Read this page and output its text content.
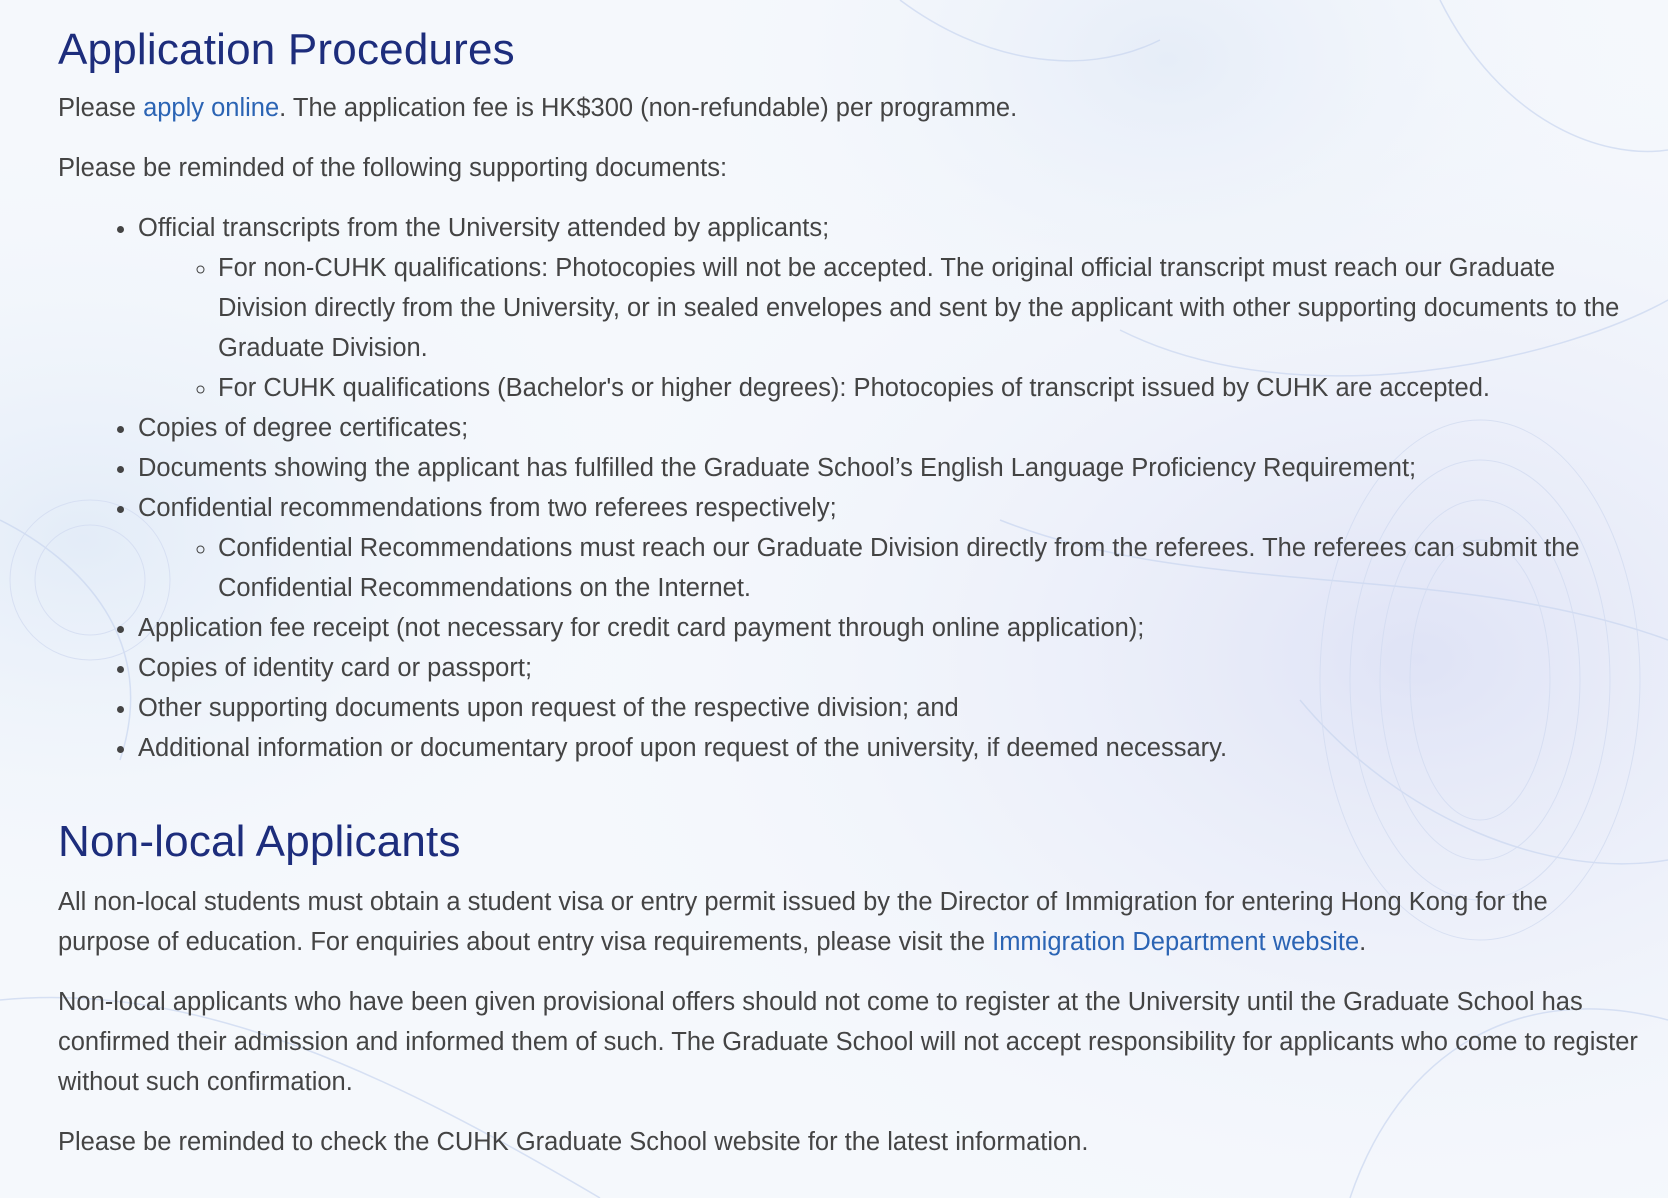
Application Procedures

Please apply online. The application fee is HK$300 (non-refundable) per programme.

Please be reminded of the following supporting documents:

• Official transcripts from the University attended by applicants;
◦ For non-CUHK qualifications: Photocopies will not be accepted. The original official transcript must reach our Graduate Division directly from the University, or in sealed envelopes and sent by the applicant with other supporting documents to the Graduate Division.
◦ For CUHK qualifications (Bachelor's or higher degrees): Photocopies of transcript issued by CUHK are accepted.
• Copies of degree certificates;
• Documents showing the applicant has fulfilled the Graduate School’s English Language Proficiency Requirement;
• Confidential recommendations from two referees respectively;
◦ Confidential Recommendations must reach our Graduate Division directly from the referees. The referees can submit the Confidential Recommendations on the Internet.
• Application fee receipt (not necessary for credit card payment through online application);
• Copies of identity card or passport;
• Other supporting documents upon request of the respective division; and
• Additional information or documentary proof upon request of the university, if deemed necessary.
Non-local Applicants

All non-local students must obtain a student visa or entry permit issued by the Director of Immigration for entering Hong Kong for the purpose of education. For enquiries about entry visa requirements, please visit the Immigration Department website.

Non-local applicants who have been given provisional offers should not come to register at the University until the Graduate School has confirmed their admission and informed them of such. The Graduate School will not accept responsibility for applicants who come to register without such confirmation.

Please be reminded to check the CUHK Graduate School website for the latest information.
